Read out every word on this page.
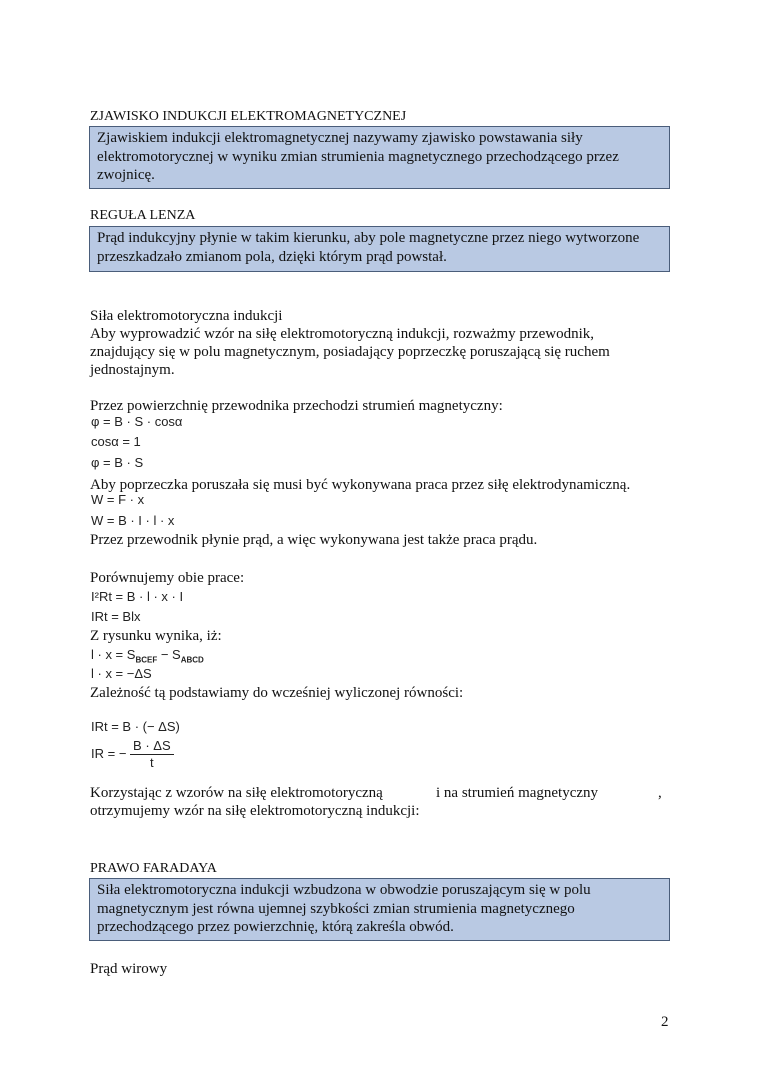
ZJAWISKO INDUKCJI ELEKTROMAGNETYCZNEJ
Zjawiskiem indukcji elektromagnetycznej nazywamy zjawisko powstawania siły
elektromotorycznej w wyniku zmian strumienia magnetycznego przechodzącego przez
zwojnicę.
REGUŁA LENZA
Prąd indukcyjny płynie w takim kierunku, aby pole magnetyczne przez niego wytworzone
przeszkadzało zmianom pola, dzięki którym prąd powstał.
Siła elektromotoryczna indukcji
Aby wyprowadzić wzór na siłę elektromotoryczną indukcji, rozważmy przewodnik,
znajdujący się w polu magnetycznym, posiadający poprzeczkę poruszającą się ruchem
jednostajnym.
Przez powierzchnię przewodnika przechodzi strumień magnetyczny:
φ = B · S · cosα
cosα = 1
φ = B · S
Aby poprzeczka poruszała się musi być wykonywana praca przez siłę elektrodynamiczną.
W = F · x
W = B · I · l · x
Przez przewodnik płynie prąd, a więc wykonywana jest także praca prądu.
Porównujemy obie prace:
I²Rt = B · l · x · I
IRt = Blx
Z rysunku wynika, iż:
$l \cdot x = S_{BCEF} - S_{ABCD}$
l · x = −ΔS
Zależność tą podstawiamy do wcześniej wyliczonej równości:
IRt = B · (− ΔS)
IR = − $\frac{B \cdot \Delta S}{t}$
Korzystając z wzorów na siłę elektromotoryczną	i na strumień magnetyczny	,
otrzymujemy wzór na siłę elektromotoryczną indukcji:
PRAWO FARADAYA
Siła elektromotoryczna indukcji wzbudzona w obwodzie poruszającym się w polu
magnetycznym jest równa ujemnej szybkości zmian strumienia magnetycznego
przechodzącego przez powierzchnię, którą zakreśla obwód.
Prąd wirowy
2
